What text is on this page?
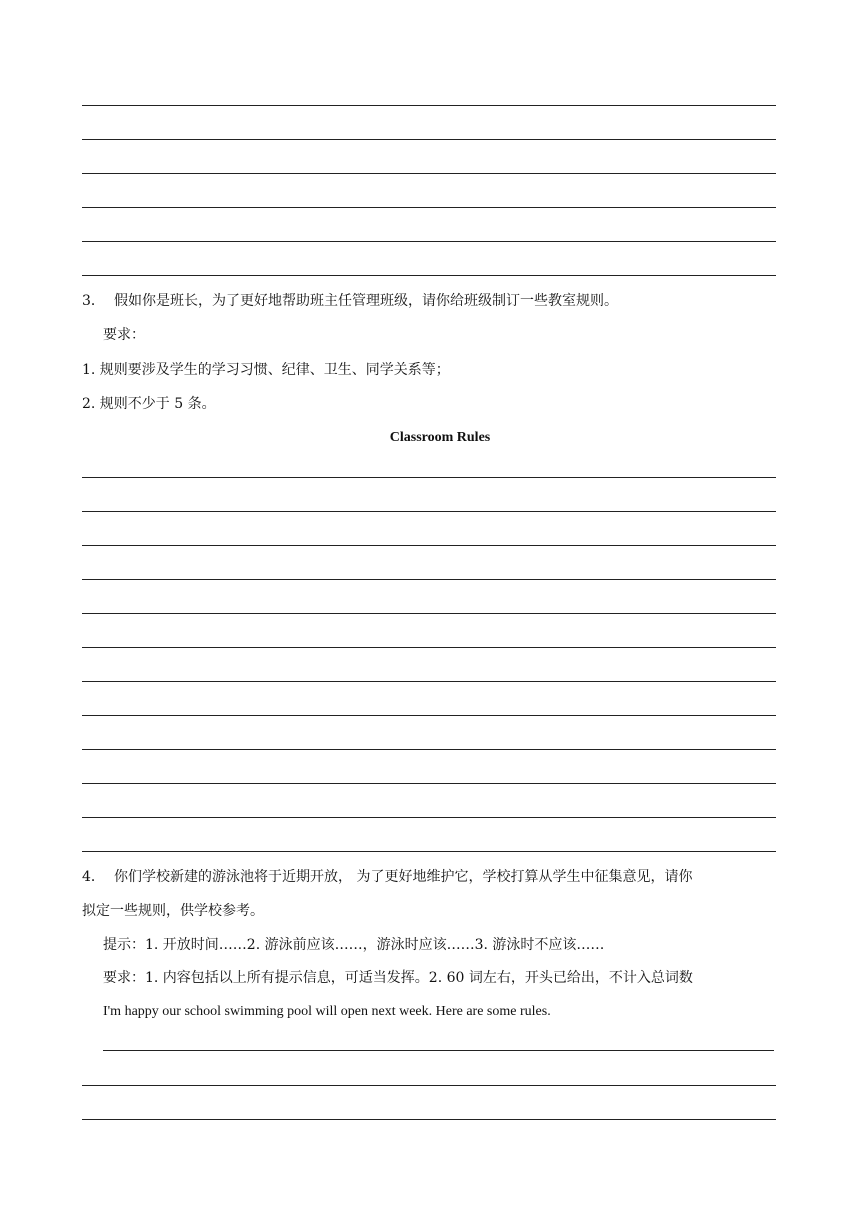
3． 假如你是班长，为了更好地帮助班主任管理班级，请你给班级制订一些教室规则。
要求：
1. 规则要涉及学生的学习习惯、纪律、卫生、同学关系等；
2. 规则不少于 5 条。
Classroom Rules
4． 你们学校新建的游泳池将于近期开放， 为了更好地维护它，学校打算从学生中征集意见，请你
拟定一些规则，供学校参考。
提示：1. 开放时间……2. 游泳前应该……，游泳时应该……3. 游泳时不应该……
要求：1. 内容包括以上所有提示信息，可适当发挥。2. 60 词左右，开头已给出，不计入总词数
I'm happy our school swimming pool will open next week. Here are some rules.
